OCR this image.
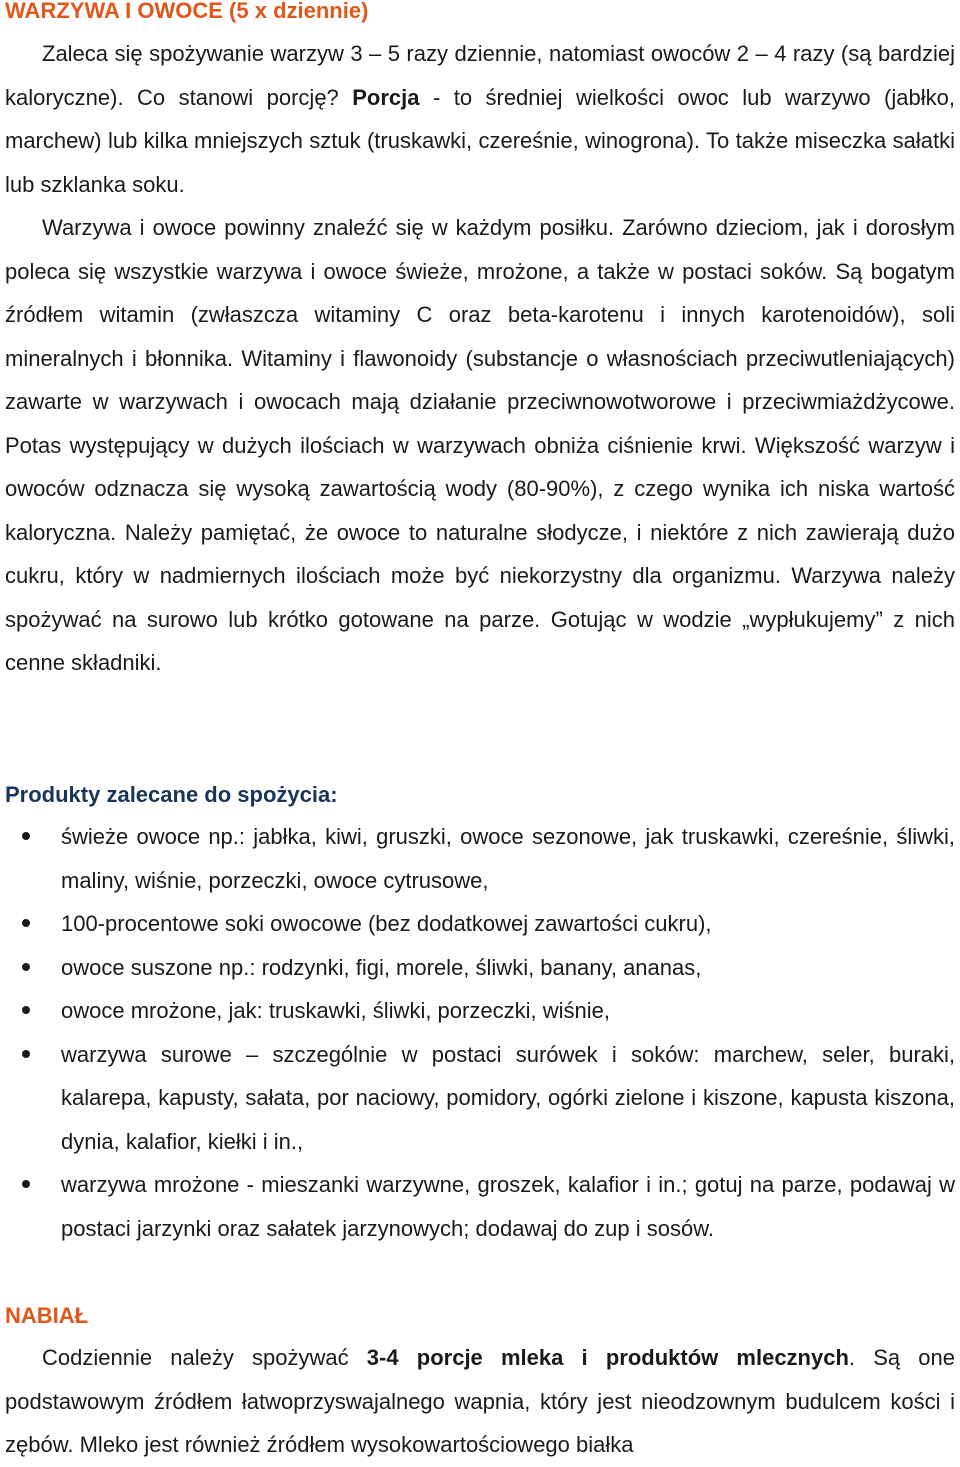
WARZYWA I OWOCE (5 x dziennie)

Zaleca się spożywanie warzyw 3 – 5 razy dziennie, natomiast owoców 2 – 4 razy (są bardziej kaloryczne). Co stanowi porcję? Porcja - to średniej wielkości owoc lub warzywo (jabłko, marchew) lub kilka mniejszych sztuk (truskawki, czereśnie, winogrona). To także miseczka sałatki lub szklanka soku.

Warzywa i owoce powinny znaleźć się w każdym posiłku. Zarówno dzieciom, jak i dorosłym poleca się wszystkie warzywa i owoce świeże, mrożone, a także w postaci soków. Są bogatym źródłem witamin (zwłaszcza witaminy C oraz beta-karotenu i innych karotenoidów), soli mineralnych i błonnika. Witaminy i flawonoidy (substancje o własnościach przeciwutleniających) zawarte w warzywach i owocach mają działanie przeciwnowotworowe i przeciwmiażdżycowe. Potas występujący w dużych ilościach w warzywach obniża ciśnienie krwi. Większość warzyw i owoców odznacza się wysoką zawartością wody (80-90%), z czego wynika ich niska wartość kaloryczna. Należy pamiętać, że owoce to naturalne słodycze, i niektóre z nich zawierają dużo cukru, który w nadmiernych ilościach może być niekorzystny dla organizmu. Warzywa należy spożywać na surowo lub krótko gotowane na parze. Gotując w wodzie „wypłukujemy” z nich cenne składniki.

Produkty zalecane do spożycia:
świeże owoce np.: jabłka, kiwi, gruszki, owoce sezonowe, jak truskawki, czereśnie, śliwki, maliny, wiśnie, porzeczki, owoce cytrusowe,
100-procentowe soki owocowe (bez dodatkowej zawartości cukru),
owoce suszone np.: rodzynki, figi, morele, śliwki, banany, ananas,
owoce mrożone, jak: truskawki, śliwki, porzeczki, wiśnie,
warzywa surowe – szczególnie w postaci surówek i soków: marchew, seler, buraki, kalarepa, kapusty, sałata, por naciowy, pomidory, ogórki zielone i kiszone, kapusta kiszona, dynia, kalafior, kiełki i in.,
warzywa mrożone - mieszanki warzywne, groszek, kalafior i in.; gotuj na parze, podawaj w postaci jarzynki oraz sałatek jarzynowych; dodawaj do zup i sosów.
NABIAŁ

Codziennie należy spożywać 3-4 porcje mleka i produktów mlecznych. Są one podstawowym źródłem łatwoprzyswajalnego wapnia, który jest nieodzownym budulcem kości i zębów. Mleko jest również źródłem wysokowartościowego białka
